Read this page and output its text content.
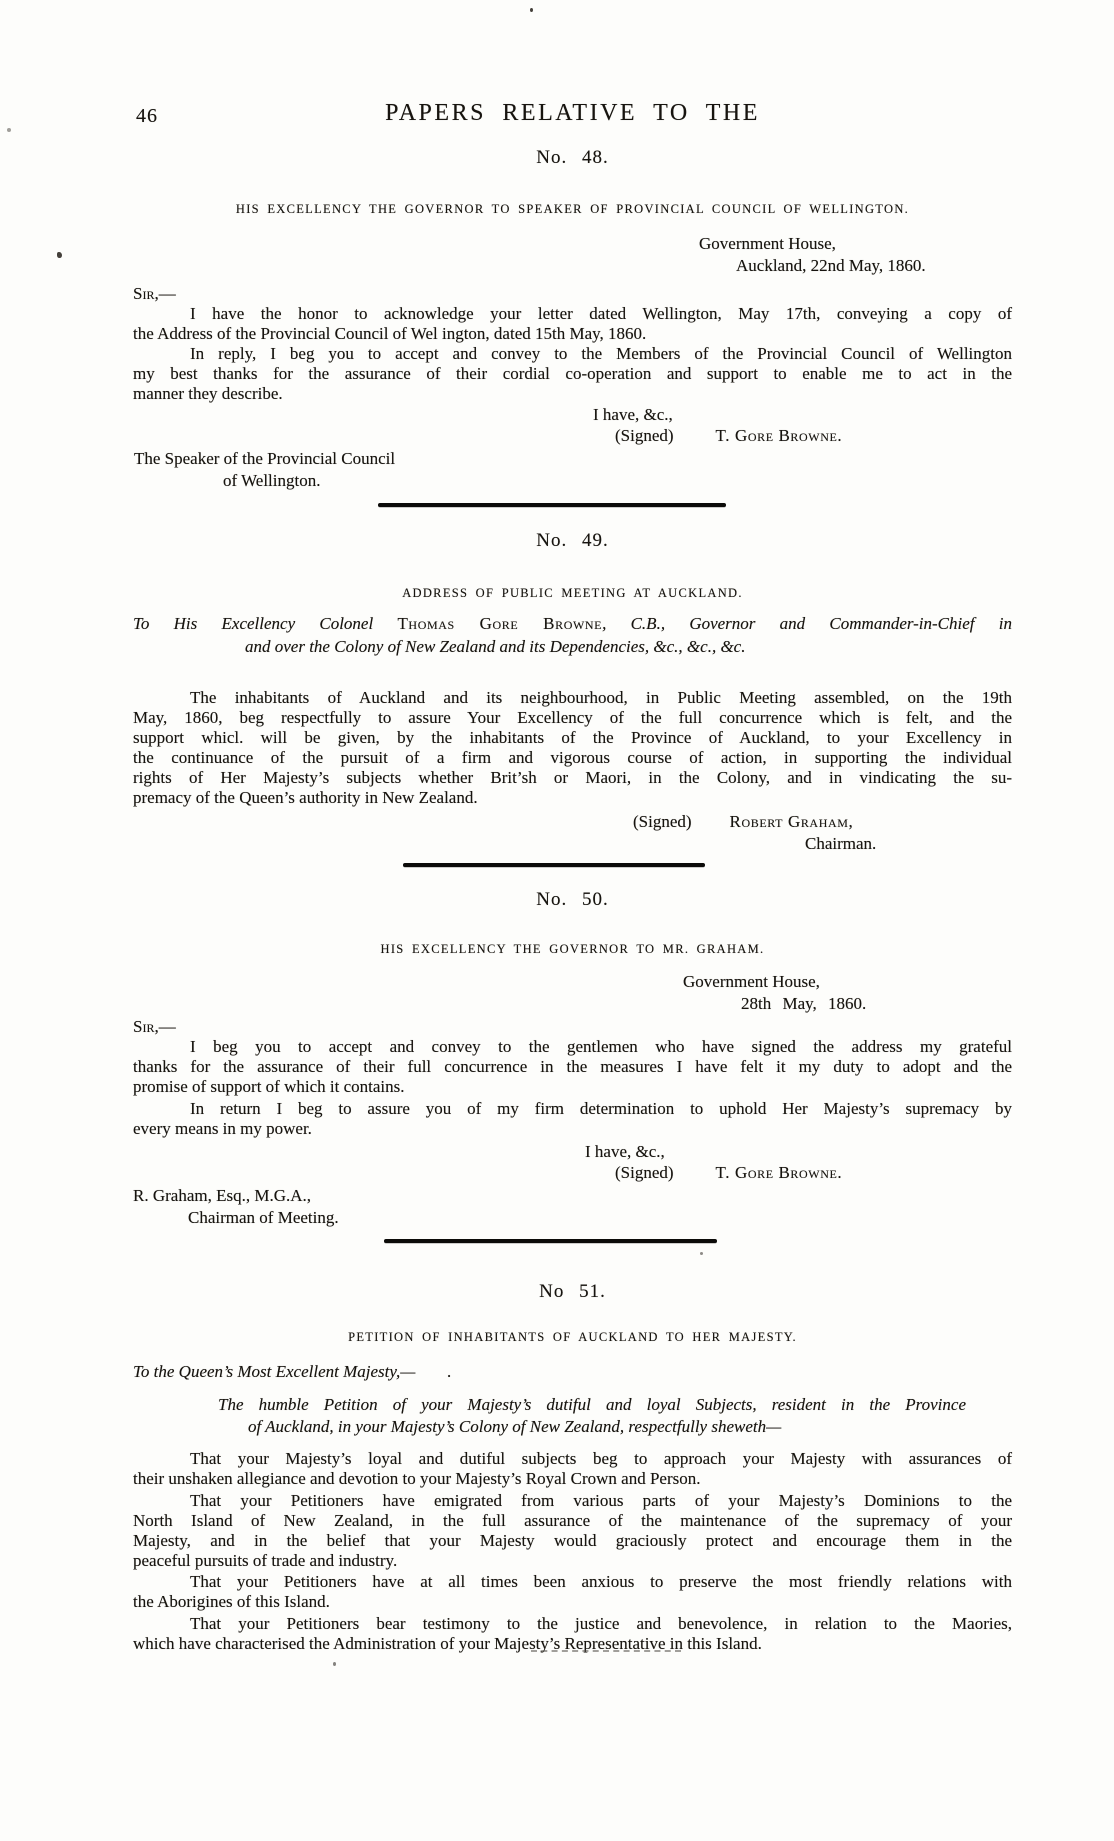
46	PAPERS RELATIVE TO THE
No. 48.
HIS EXCELLENCY THE GOVERNOR TO SPEAKER OF PROVINCIAL COUNCIL OF WELLINGTON.
Government House,
Auckland, 22nd May, 1860.
Sir,—
I have the honor to acknowledge your letter dated Wellington, May 17th, conveying a copy of
the Address of the Provincial Council of Wel ington, dated 15th May, 1860.
In reply, I beg you to accept and convey to the Members of the Provincial Council of Wellington
my best thanks for the assurance of their cordial co-operation and support to enable me to act in the
manner they describe.
I have, &c.,
(Signed) T. Gore Browne.
The Speaker of the Provincial Council
of Wellington.
No. 49.
ADDRESS OF PUBLIC MEETING AT AUCKLAND.
To His Excellency Colonel Thomas Gore Browne, C.B., Governor and Commander-in-Chief in
and over the Colony of New Zealand and its Dependencies, &c., &c., &c.
The inhabitants of Auckland and its neighbourhood, in Public Meeting assembled, on the 19th
May, 1860, beg respectfully to assure Your Excellency of the full concurrence which is felt, and the
support whicl. will be given, by the inhabitants of the Province of Auckland, to your Excellency in
the continuance of the pursuit of a firm and vigorous course of action, in supporting the individual
rights of Her Majesty’s subjects whether Brit’sh or Maori, in the Colony, and in vindicating the su-
premacy of the Queen’s authority in New Zealand.
(Signed) Robert Graham,
Chairman.
No. 50.
HIS EXCELLENCY THE GOVERNOR TO MR. GRAHAM.
Government House,
28th May, 1860.
Sir,—
I beg you to accept and convey to the gentlemen who have signed the address my grateful
thanks for the assurance of their full concurrence in the measures I have felt it my duty to adopt and the
promise of support of which it contains.
In return I beg to assure you of my firm determination to uphold Her Majesty’s supremacy by
every means in my power.
I have, &c.,
(Signed) T. Gore Browne.
R. Graham, Esq., M.G.A.,
Chairman of Meeting.
No 51.
PETITION OF INHABITANTS OF AUCKLAND TO HER MAJESTY.
To the Queen’s Most Excellent Majesty,— .
The humble Petition of your Majesty’s dutiful and loyal Subjects, resident in the Province
of Auckland, in your Majesty’s Colony of New Zealand, respectfully sheweth—
That your Majesty’s loyal and dutiful subjects beg to approach your Majesty with assurances of
their unshaken allegiance and devotion to your Majesty’s Royal Crown and Person.
That your Petitioners have emigrated from various parts of your Majesty’s Dominions to the
North Island of New Zealand, in the full assurance of the maintenance of the supremacy of your
Majesty, and in the belief that your Majesty would graciously protect and encourage them in the
peaceful pursuits of trade and industry.
That your Petitioners have at all times been anxious to preserve the most friendly relations with
the Aborigines of this Island.
That your Petitioners bear testimony to the justice and benevolence, in relation to the Maories,
which have characterised the Administration of your Majesty’s Representative in this Island.
